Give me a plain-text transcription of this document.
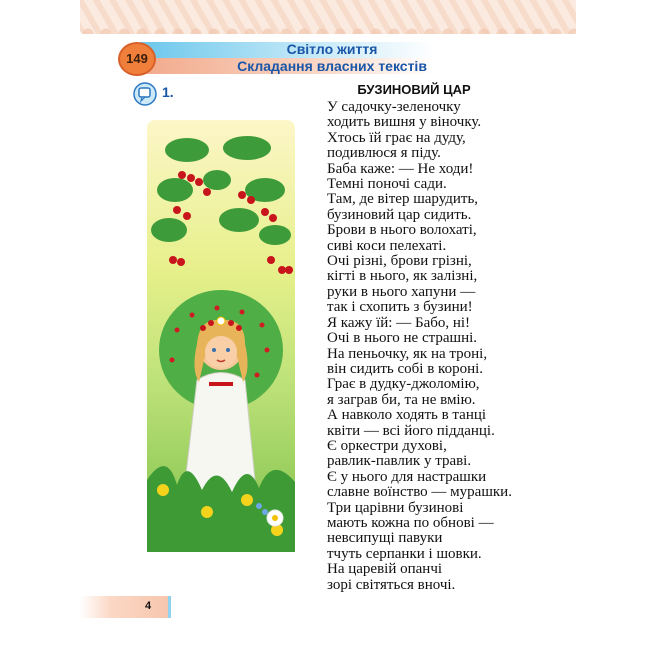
149
Світло життя
Складання власних текстів
1.	БУЗИНОВИЙ ЦАР
У садочку-зеленочку
ходить вишня у віночку.
Хтось їй грає на дуду,
подивлюся я піду.
Баба каже: — Не ходи!
Темні поночі сади.
Там, де вітер шарудить,
бузиновий цар сидить.
Брови в нього волохаті,
сиві коси пелехаті.
Очі різні, брови грізні,
кігті в нього, як залізні,
руки в нього хапуни —
так і схопить з бузини!
Я кажу їй: — Бабо, ні!
Очі в нього не страшні.
На пеньочку, як на троні,
він сидить собі в короні.
Грає в дудку-джоломію,
я заграв би, та не вмію.
А навколо ходять в танці
квіти — всі його підданці.
Є оркестри духові,
равлик-павлик у траві.
Є у нього для настрашки
славне воїнство — мурашки.
Три царівни бузинові
мають кожна по обнові —
невсипущі павуки
тчуть серпанки і шовки.
На царевій опанчі
зорі світяться вночі.
4
